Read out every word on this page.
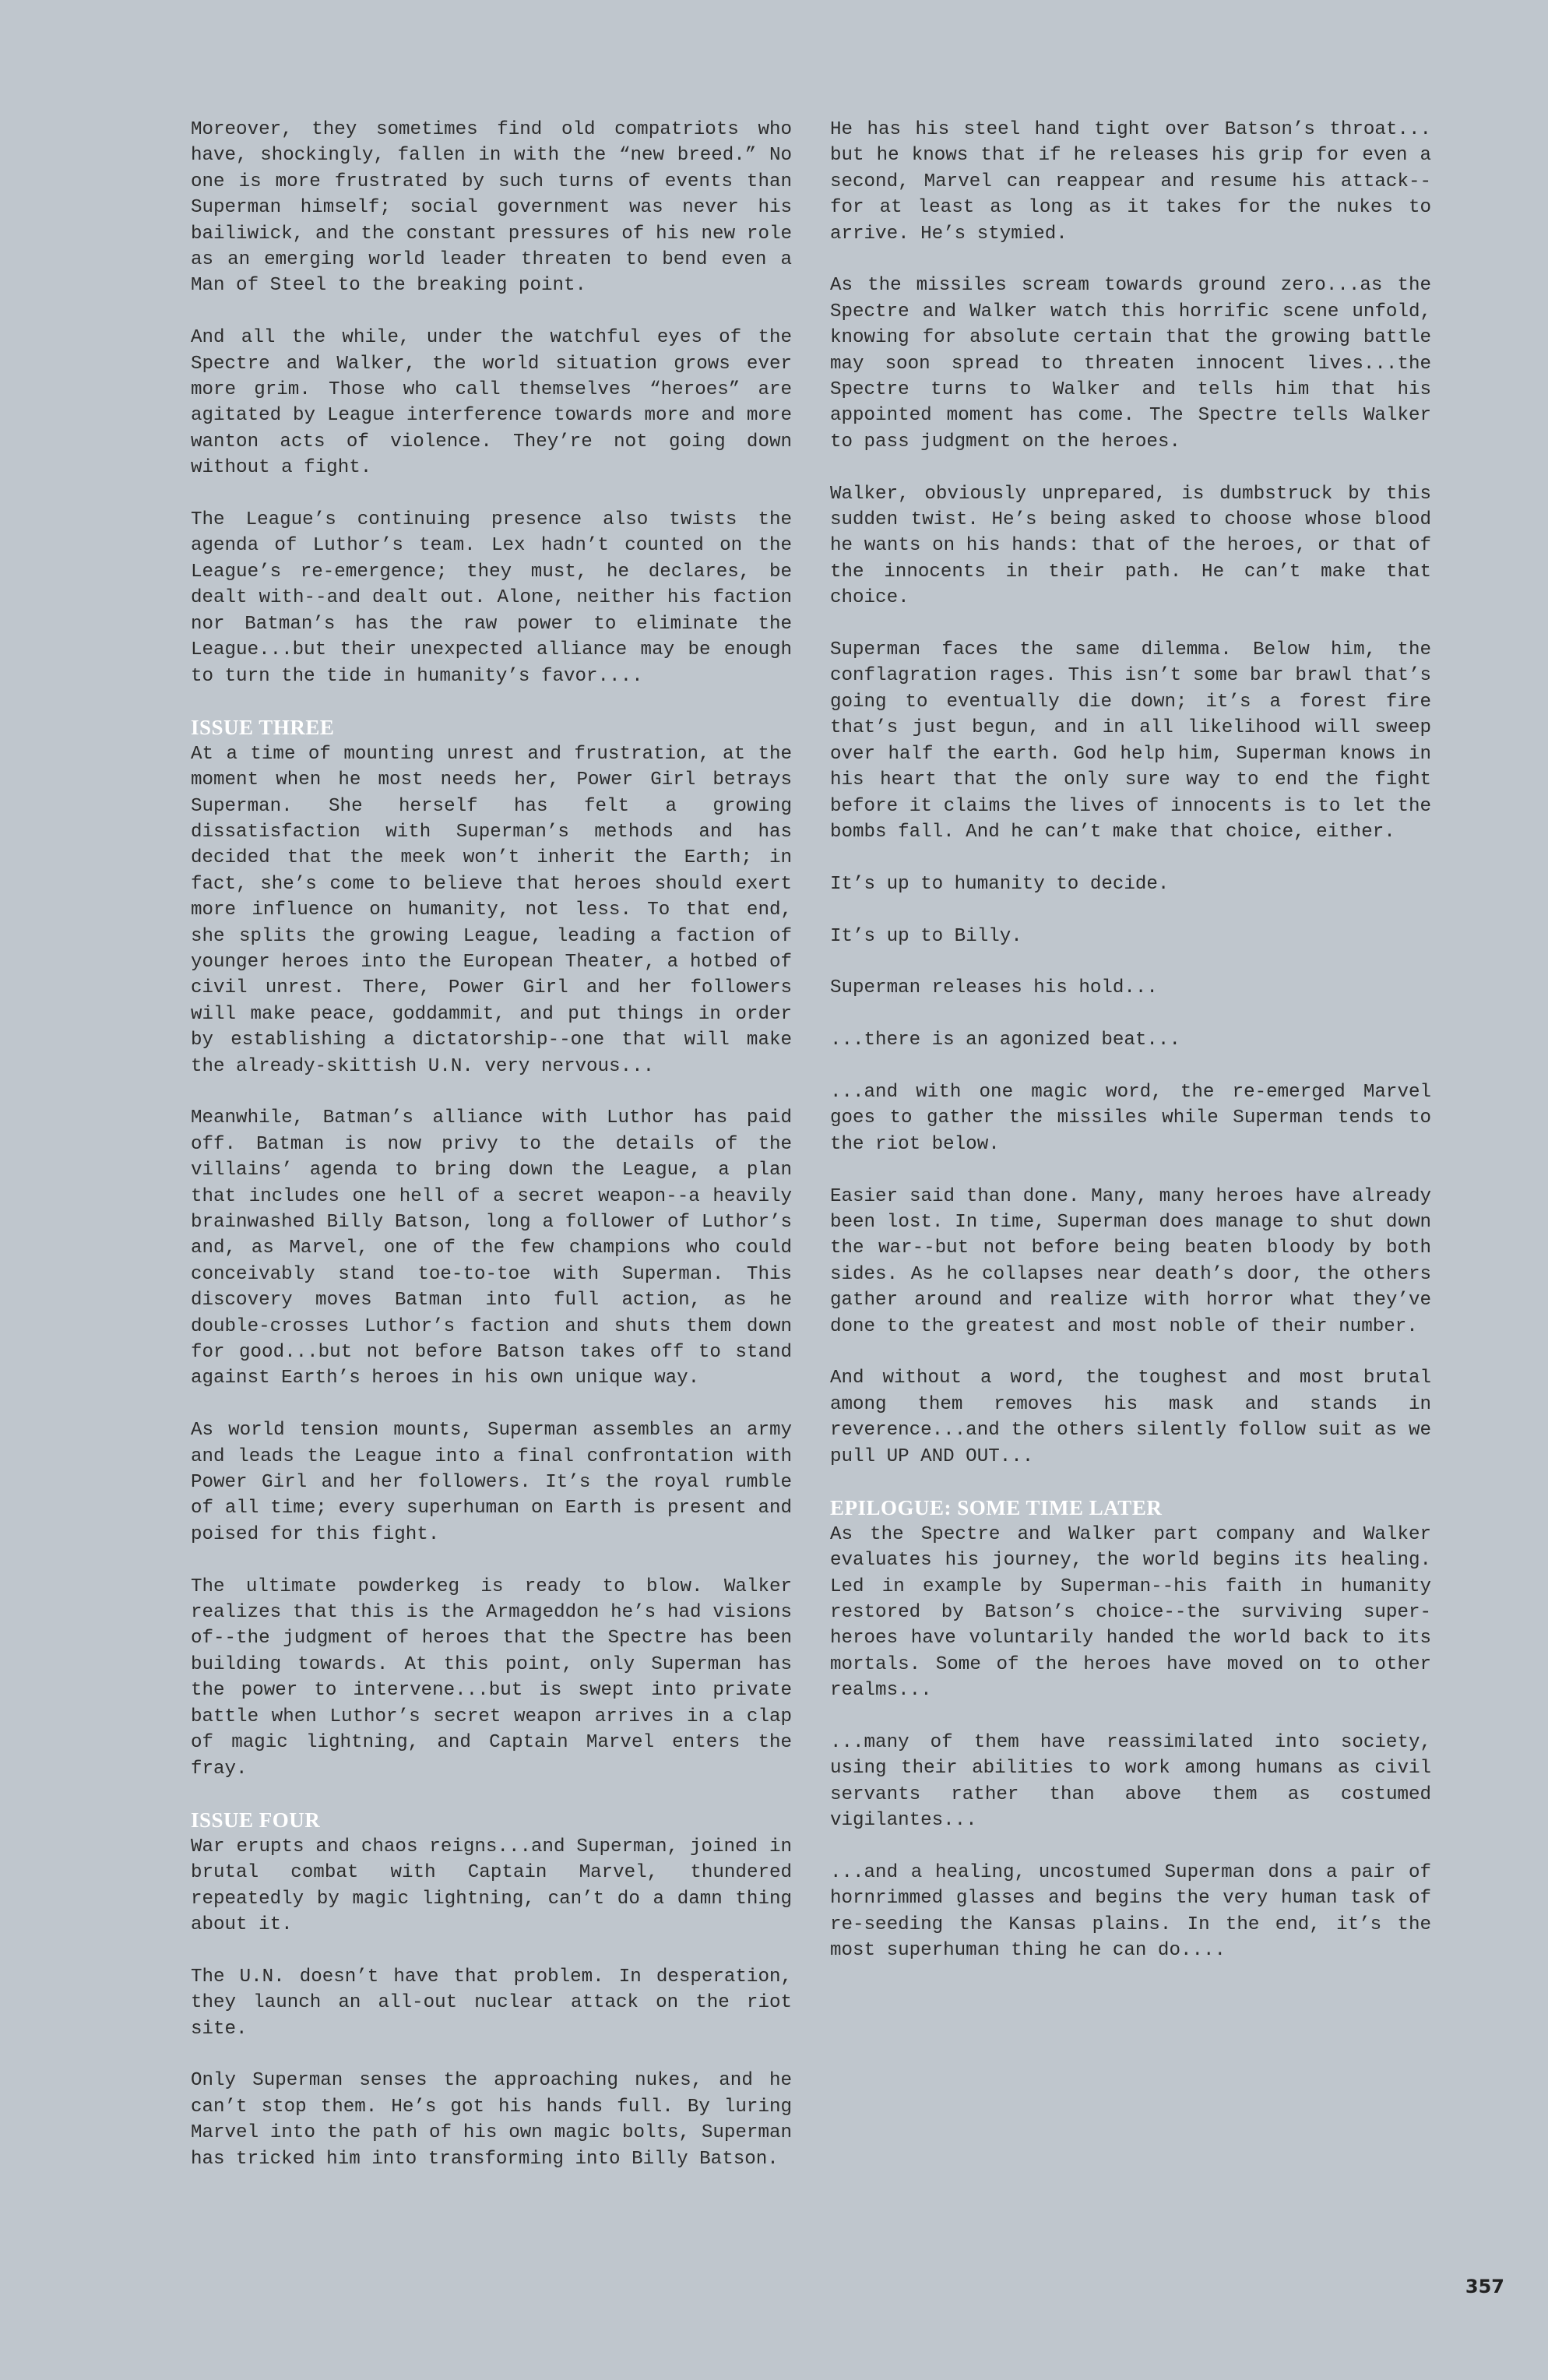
Moreover, they sometimes find old compatriots who have, shockingly, fallen in with the “new breed.” No one is more frustrated by such turns of events than Superman himself; social government was never his bailiwick, and the constant pressures of his new role as an emerging world leader threaten to bend even a Man of Steel to the breaking point.

And all the while, under the watchful eyes of the Spectre and Walker, the world situation grows ever more grim. Those who call themselves “heroes” are agitated by League interference towards more and more wanton acts of violence. They’re not going down without a fight.

The League’s continuing presence also twists the agenda of Luthor’s team. Lex hadn’t counted on the League’s re-emergence; they must, he declares, be dealt with--and dealt out. Alone, neither his faction nor Batman’s has the raw power to eliminate the League...but their unexpected alliance may be enough to turn the tide in humanity’s favor....

ISSUE THREE

At a time of mounting unrest and frustration, at the moment when he most needs her, Power Girl betrays Superman. She herself has felt a growing dissatisfaction with Superman’s methods and has decided that the meek won’t inherit the Earth; in fact, she’s come to believe that heroes should exert more influence on humanity, not less. To that end, she splits the growing League, leading a faction of younger heroes into the European Theater, a hotbed of civil unrest. There, Power Girl and her followers will make peace, goddammit, and put things in order by establishing a dictatorship--one that will make the already-skittish U.N. very nervous...

Meanwhile, Batman’s alliance with Luthor has paid off. Batman is now privy to the details of the villains’ agenda to bring down the League, a plan that includes one hell of a secret weapon--a heavily brainwashed Billy Batson, long a follower of Luthor’s and, as Marvel, one of the few champions who could conceivably stand toe-to-toe with Superman. This discovery moves Batman into full action, as he double-crosses Luthor’s faction and shuts them down for good...but not before Batson takes off to stand against Earth’s heroes in his own unique way.

As world tension mounts, Superman assembles an army and leads the League into a final confrontation with Power Girl and her followers. It’s the royal rumble of all time; every superhuman on Earth is present and poised for this fight.

The ultimate powderkeg is ready to blow. Walker realizes that this is the Armageddon he’s had visions of--the judgment of heroes that the Spectre has been building towards. At this point, only Superman has the power to intervene...but is swept into private battle when Luthor’s secret weapon arrives in a clap of magic lightning, and Captain Marvel enters the fray.

ISSUE FOUR

War erupts and chaos reigns...and Superman, joined in brutal combat with Captain Marvel, thundered repeatedly by magic lightning, can’t do a damn thing about it.

The U.N. doesn’t have that problem. In desperation, they launch an all-out nuclear attack on the riot site.

Only Superman senses the approaching nukes, and he can’t stop them. He’s got his hands full. By luring Marvel into the path of his own magic bolts, Superman has tricked him into transforming into Billy Batson.

He has his steel hand tight over Batson’s throat... but he knows that if he releases his grip for even a second, Marvel can reappear and resume his attack--for at least as long as it takes for the nukes to arrive. He’s stymied.

As the missiles scream towards ground zero...as the Spectre and Walker watch this horrific scene unfold, knowing for absolute certain that the growing battle may soon spread to threaten innocent lives...the Spectre turns to Walker and tells him that his appointed moment has come. The Spectre tells Walker to pass judgment on the heroes.

Walker, obviously unprepared, is dumbstruck by this sudden twist. He’s being asked to choose whose blood he wants on his hands: that of the heroes, or that of the innocents in their path. He can’t make that choice.

Superman faces the same dilemma. Below him, the conflagration rages. This isn’t some bar brawl that’s going to eventually die down; it’s a forest fire that’s just begun, and in all likelihood will sweep over half the earth. God help him, Superman knows in his heart that the only sure way to end the fight before it claims the lives of innocents is to let the bombs fall. And he can’t make that choice, either.

It’s up to humanity to decide.

It’s up to Billy.

Superman releases his hold...

...there is an agonized beat...

...and with one magic word, the re-emerged Marvel goes to gather the missiles while Superman tends to the riot below.

Easier said than done. Many, many heroes have already been lost. In time, Superman does manage to shut down the war--but not before being beaten bloody by both sides. As he collapses near death’s door, the others gather around and realize with horror what they’ve done to the greatest and most noble of their number.

And without a word, the toughest and most brutal among them removes his mask and stands in reverence...and the others silently follow suit as we pull UP AND OUT...

EPILOGUE: SOME TIME LATER

As the Spectre and Walker part company and Walker evaluates his journey, the world begins its healing. Led in example by Superman--his faith in humanity restored by Batson’s choice--the surviving super-heroes have voluntarily handed the world back to its mortals. Some of the heroes have moved on to other realms...

...many of them have reassimilated into society, using their abilities to work among humans as civil servants rather than above them as costumed vigilantes...

...and a healing, uncostumed Superman dons a pair of hornrimmed glasses and begins the very human task of re-seeding the Kansas plains. In the end, it’s the most superhuman thing he can do....

357
